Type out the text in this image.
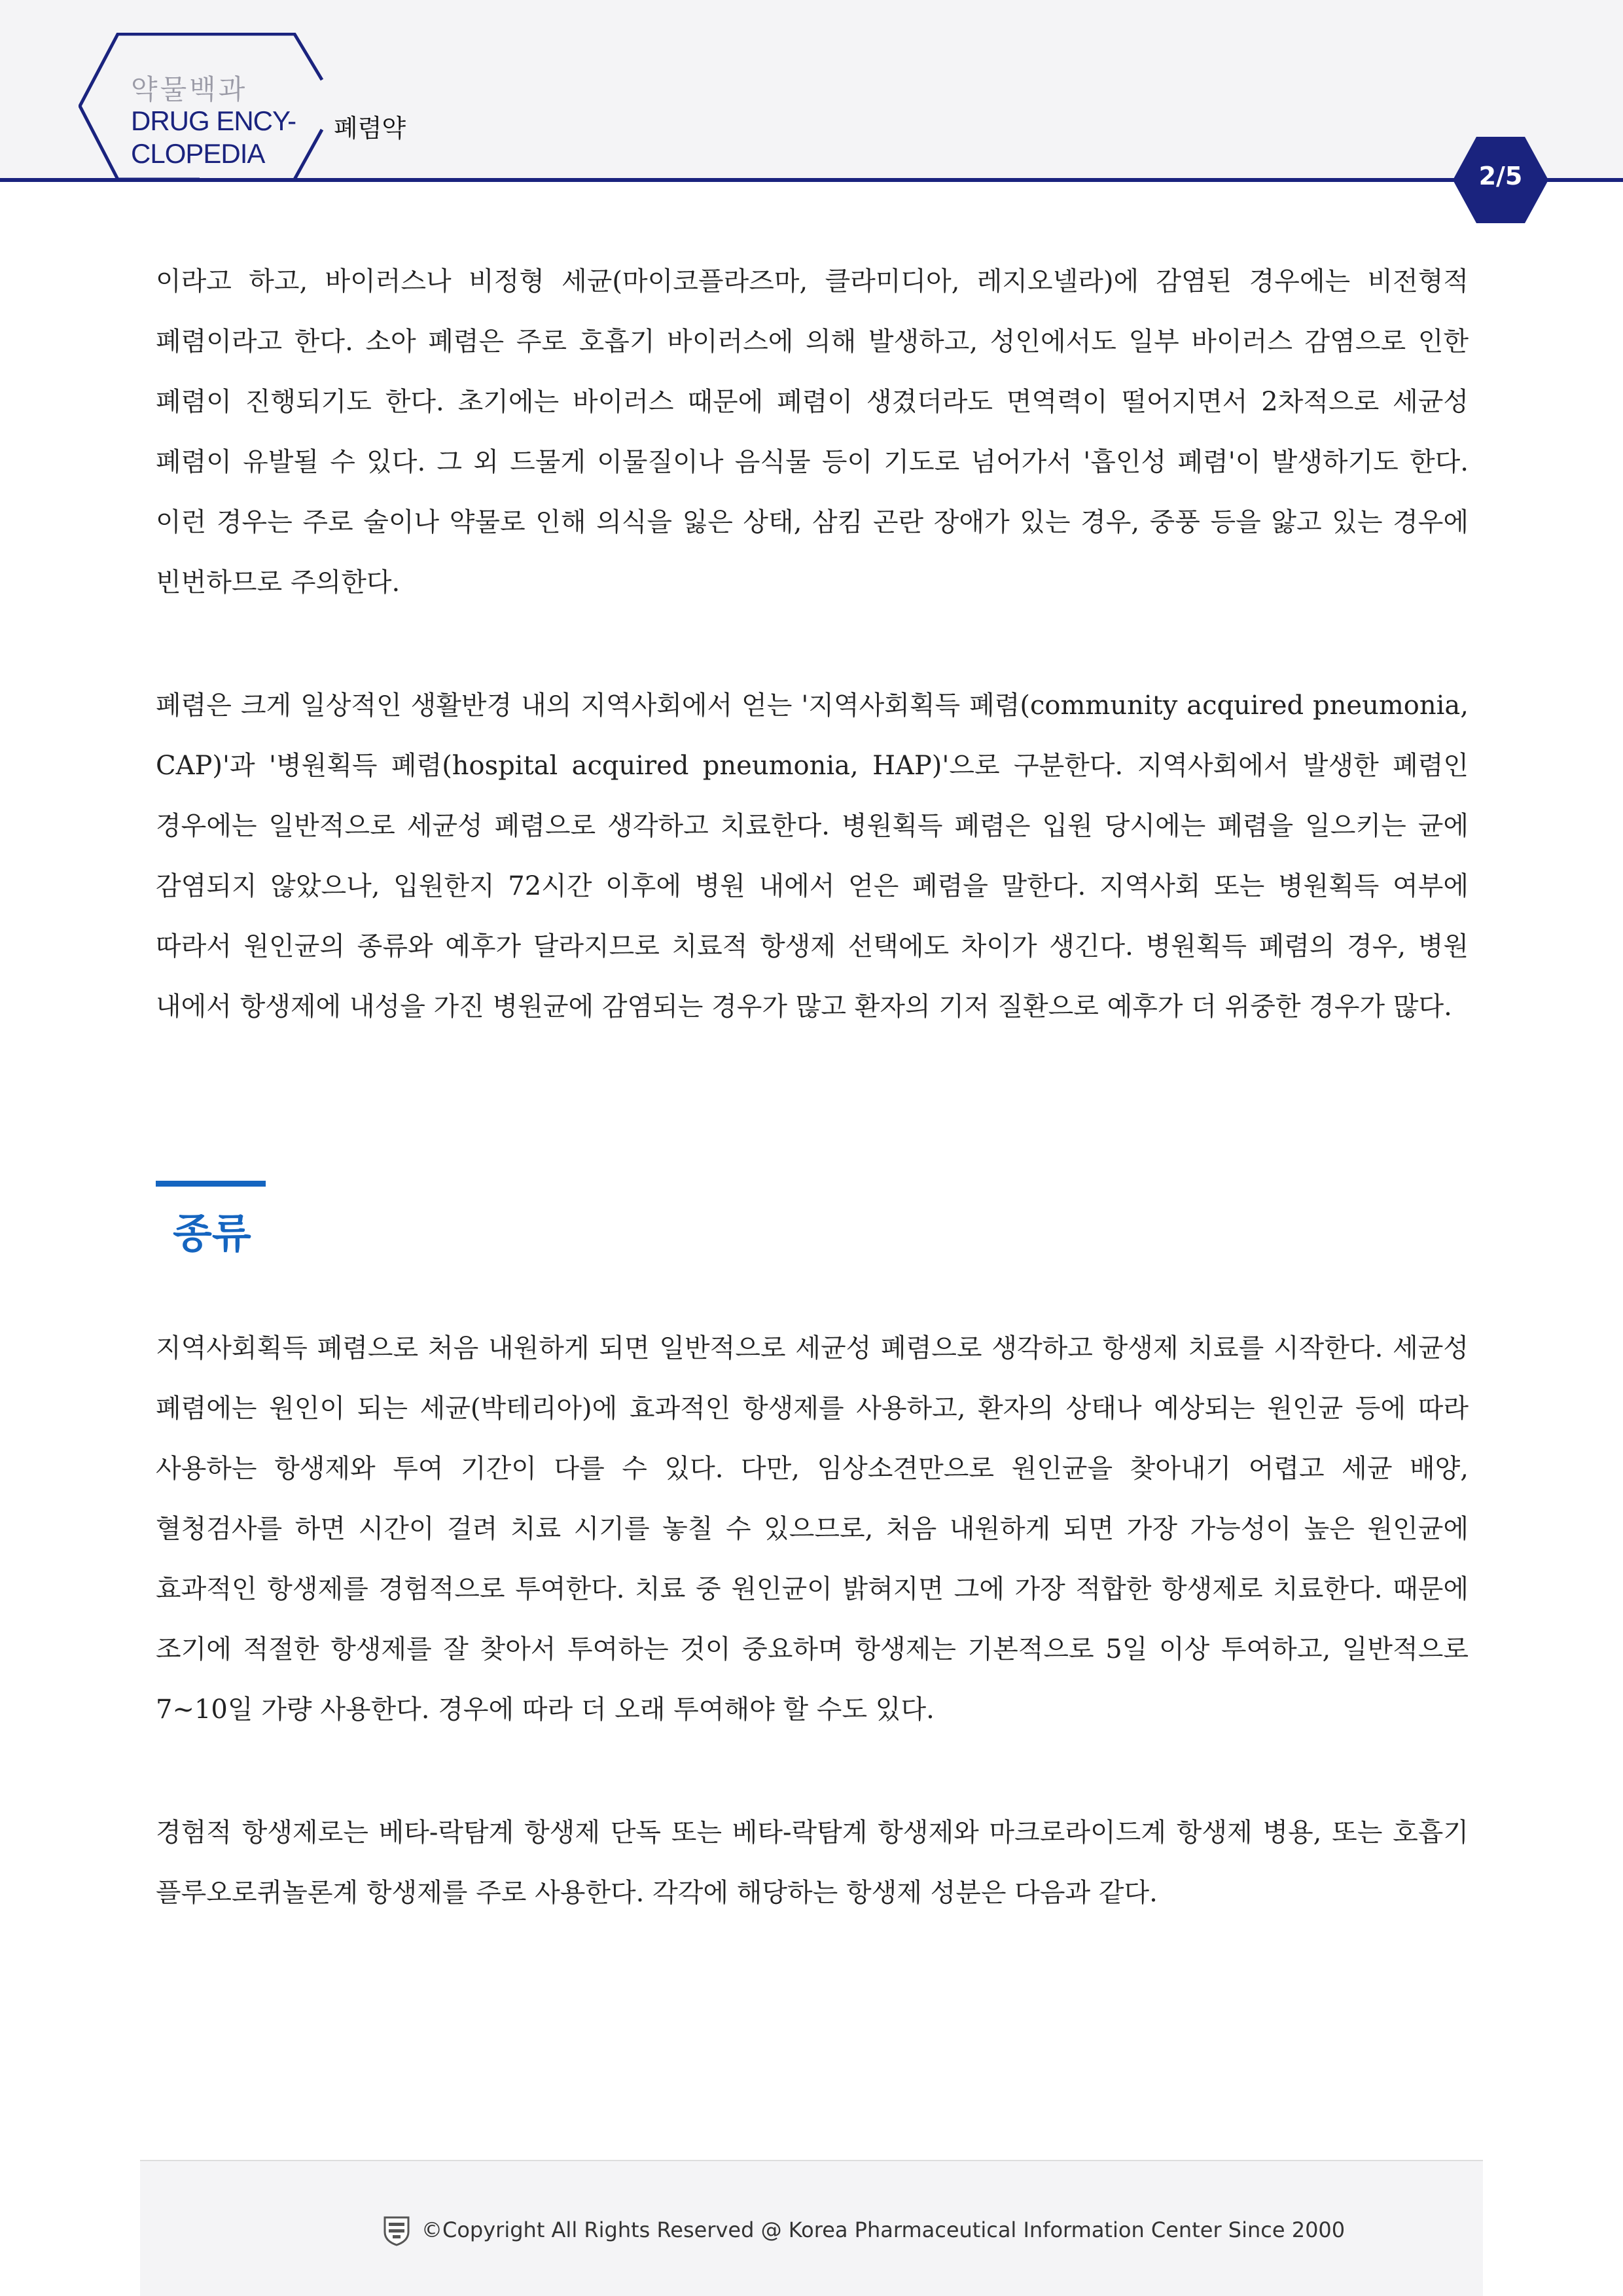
약물백과
DRUG ENCY-
CLOPEDIA
폐렴약
2/5

이라고 하고, 바이러스나 비정형 세균(마이코플라즈마, 클라미디아, 레지오넬라)에 감염된 경우에는 비전형적 폐렴이라고 한다. 소아 폐렴은 주로 호흡기 바이러스에 의해 발생하고, 성인에서도 일부 바이러스 감염으로 인한 폐렴이 진행되기도 한다. 초기에는 바이러스 때문에 폐렴이 생겼더라도 면역력이 떨어지면서 2차적으로 세균성 폐렴이 유발될 수 있다. 그 외 드물게 이물질이나 음식물 등이 기도로 넘어가서 '흡인성 폐렴'이 발생하기도 한다. 이런 경우는 주로 술이나 약물로 인해 의식을 잃은 상태, 삼킴 곤란 장애가 있는 경우, 중풍 등을 앓고 있는 경우에 빈번하므로 주의한다.

폐렴은 크게 일상적인 생활반경 내의 지역사회에서 얻는 '지역사회획득 폐렴(community acquired pneumonia, CAP)'과 '병원획득 폐렴(hospital acquired pneumonia, HAP)'으로 구분한다. 지역사회에서 발생한 폐렴인 경우에는 일반적으로 세균성 폐렴으로 생각하고 치료한다. 병원획득 폐렴은 입원 당시에는 폐렴을 일으키는 균에 감염되지 않았으나, 입원한지 72시간 이후에 병원 내에서 얻은 폐렴을 말한다. 지역사회 또는 병원획득 여부에 따라서 원인균의 종류와 예후가 달라지므로 치료적 항생제 선택에도 차이가 생긴다. 병원획득 폐렴의 경우, 병원 내에서 항생제에 내성을 가진 병원균에 감염되는 경우가 많고 환자의 기저 질환으로 예후가 더 위중한 경우가 많다.

종류

지역사회획득 폐렴으로 처음 내원하게 되면 일반적으로 세균성 폐렴으로 생각하고 항생제 치료를 시작한다. 세균성 폐렴에는 원인이 되는 세균(박테리아)에 효과적인 항생제를 사용하고, 환자의 상태나 예상되는 원인균 등에 따라 사용하는 항생제와 투여 기간이 다를 수 있다. 다만, 임상소견만으로 원인균을 찾아내기 어렵고 세균 배양, 혈청검사를 하면 시간이 걸려 치료 시기를 놓칠 수 있으므로, 처음 내원하게 되면 가장 가능성이 높은 원인균에 효과적인 항생제를 경험적으로 투여한다. 치료 중 원인균이 밝혀지면 그에 가장 적합한 항생제로 치료한다. 때문에 조기에 적절한 항생제를 잘 찾아서 투여하는 것이 중요하며 항생제는 기본적으로 5일 이상 투여하고, 일반적으로 7~10일 가량 사용한다. 경우에 따라 더 오래 투여해야 할 수도 있다.

경험적 항생제로는 베타-락탐계 항생제 단독 또는 베타-락탐계 항생제와 마크로라이드계 항생제 병용, 또는 호흡기 플루오로퀴놀론계 항생제를 주로 사용한다. 각각에 해당하는 항생제 성분은 다음과 같다.

©Copyright All Rights Reserved @ Korea Pharmaceutical Information Center Since 2000
